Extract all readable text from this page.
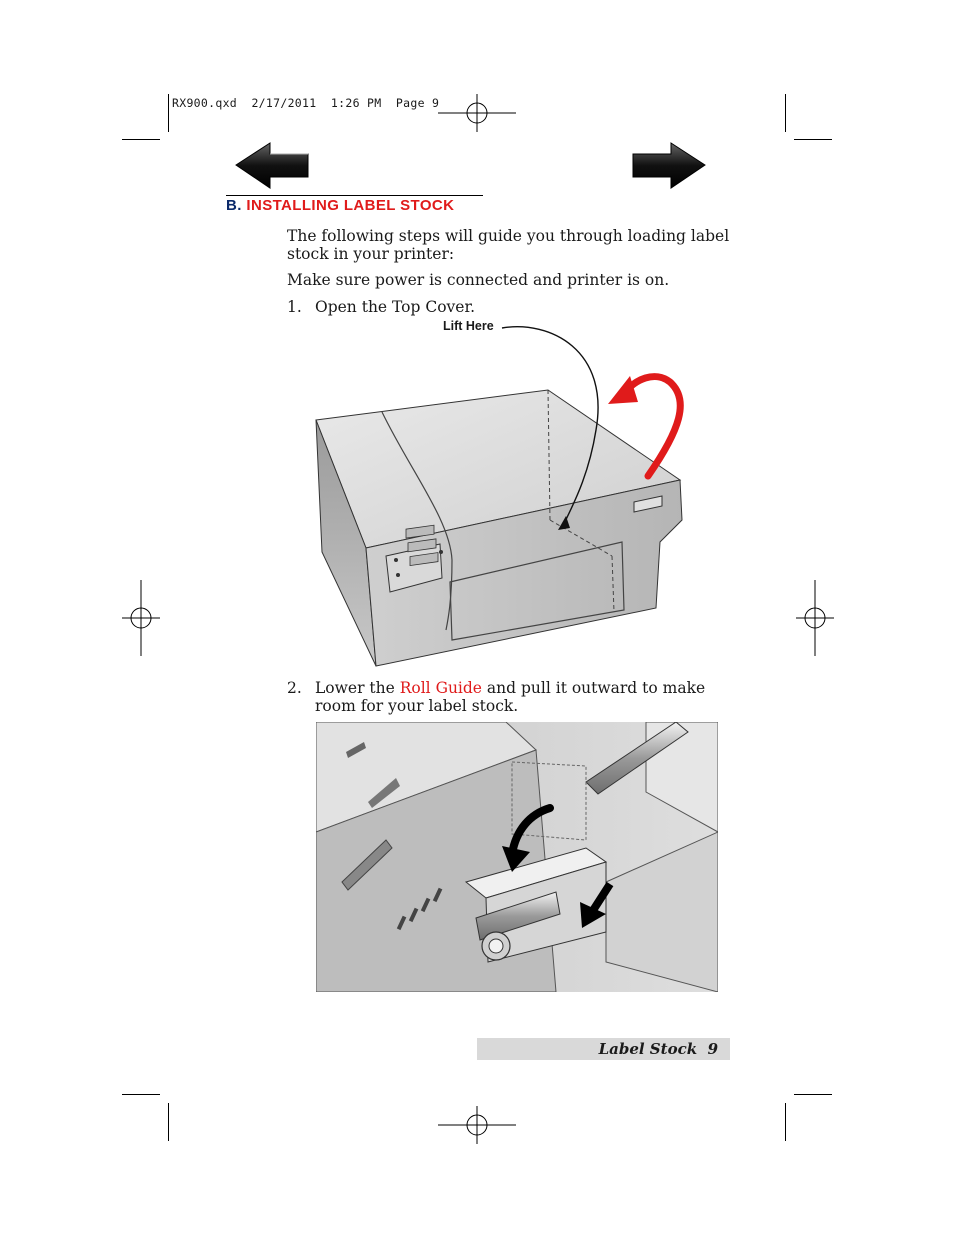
RX900.qxd  2/17/2011  1:26 PM  Page 9
B. INSTALLING LABEL STOCK
The following steps will guide you through loading label stock in your printer:
Make sure power is connected and printer is on.
1. Open the Top Cover.
Lift Here
2. Lower the Roll Guide and pull it outward to make room for your label stock.
Label Stock 9
